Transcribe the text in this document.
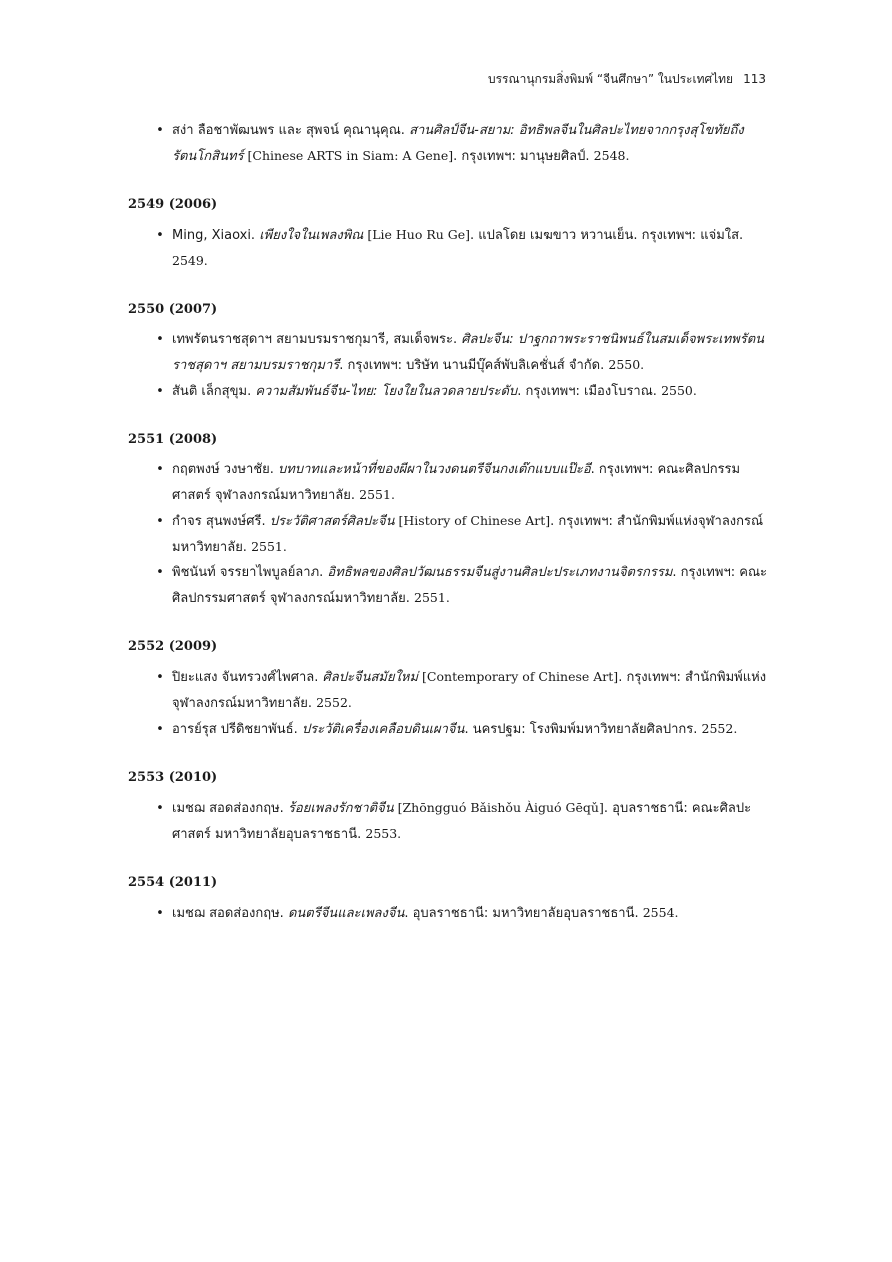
บรรณานุกรมสิ่งพิมพ์ “จีนศึกษา” ในประเทศไทย 113
• สง่า ลือชาพัฒนพร และ สุพจน์ คุณานุคุณ. สานศิลป์จีน-สยาม: อิทธิพลจีนในศิลปะไทยจากกรุงสุโขทัยถึงรัตนโกสินทร์ [Chinese ARTS in Siam: A Gene]. กรุงเทพฯ: มานุษยศิลป์. 2548.
2549 (2006)
• Ming, Xiaoxi. เพียงใจในเพลงพิณ [Lie Huo Ru Ge]. แปลโดย เมฆขาว หวานเย็น. กรุงเทพฯ: แจ่มใส. 2549.
2550 (2007)
• เทพรัตนราชสุดาฯ สยามบรมราชกุมารี, สมเด็จพระ. ศิลปะจีน: ปาฐกถาพระราชนิพนธ์ในสมเด็จพระเทพรัตนราชสุดาฯ สยามบรมราชกุมารี. กรุงเทพฯ: บริษัท นานมีบุ๊คส์พับลิเคชั่นส์ จำกัด. 2550.
• สันติ เล็กสุขุม. ความสัมพันธ์จีน-ไทย: โยงใยในลวดลายประดับ. กรุงเทพฯ: เมืองโบราณ. 2550.
2551 (2008)
• กฤตพงษ์ วงษาชัย. บทบาทและหน้าที่ของผีผาในวงดนตรีจีนกงเต๊กแบบแป๊ะอี. กรุงเทพฯ: คณะศิลปกรรมศาสตร์ จุฬาลงกรณ์มหาวิทยาลัย. 2551.
• กำจร สุนพงษ์ศรี. ประวัติศาสตร์ศิลปะจีน [History of Chinese Art]. กรุงเทพฯ: สำนักพิมพ์แห่งจุฬาลงกรณ์มหาวิทยาลัย. 2551.
• พิชนันท์ จรรยาไพบูลย์ลาภ. อิทธิพลของศิลปวัฒนธรรมจีนสู่งานศิลปะประเภทงานจิตรกรรม. กรุงเทพฯ: คณะศิลปกรรมศาสตร์ จุฬาลงกรณ์มหาวิทยาลัย. 2551.
2552 (2009)
• ปิยะแสง จันทรวงศ์ไพศาล. ศิลปะจีนสมัยใหม่ [Contemporary of Chinese Art]. กรุงเทพฯ: สำนักพิมพ์แห่งจุฬาลงกรณ์มหาวิทยาลัย. 2552.
• อารย์รุส ปรีดิชยาพันธ์. ประวัติเครื่องเคลือบดินเผาจีน. นครปฐม: โรงพิมพ์มหาวิทยาลัยศิลปากร. 2552.
2553 (2010)
• เมชฌ สอดส่องกฤษ. ร้อยเพลงรักชาติจีน [Zhōngguó Bǎishǒu Àiguó Gēqǔ]. อุบลราชธานี: คณะศิลปะศาสตร์ มหาวิทยาลัยอุบลราชธานี. 2553.
2554 (2011)
• เมชฌ สอดส่องกฤษ. ดนตรีจีนและเพลงจีน. อุบลราชธานี: มหาวิทยาลัยอุบลราชธานี. 2554.
